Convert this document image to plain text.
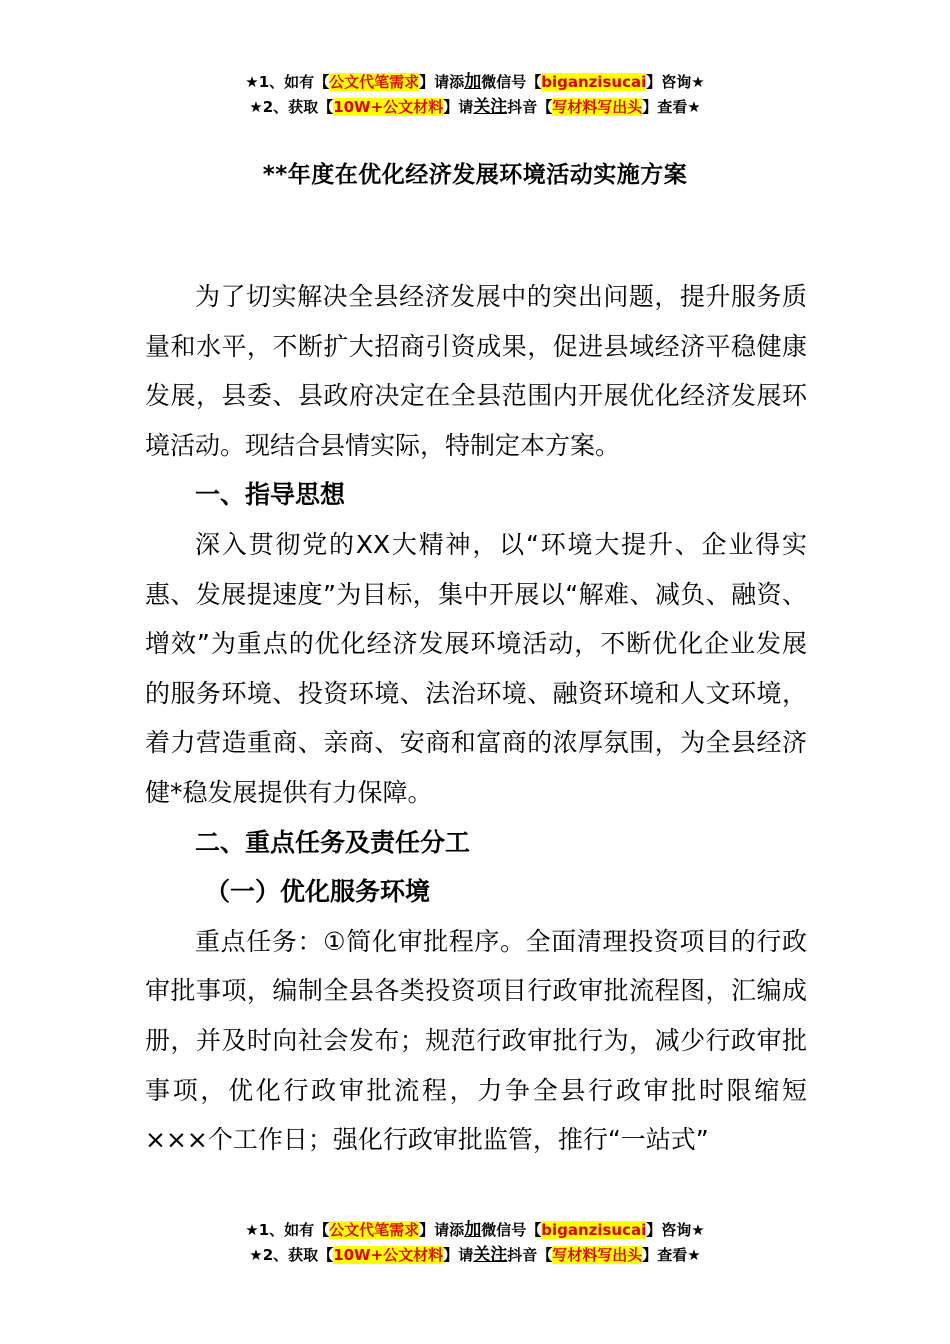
★1、如有【公文代笔需求】请添加微信号【biganzisucai】咨询★
★2、获取【10W+公文材料】请关注抖音【写材料写出头】查看★
**年度在优化经济发展环境活动实施方案

为了切实解决全县经济发展中的突出问题，提升服务质量和水平，不断扩大招商引资成果，促进县域经济平稳健康发展，县委、县政府决定在全县范围内开展优化经济发展环境活动。现结合县情实际，特制定本方案。

一、指导思想

深入贯彻党的XX大精神，以“环境大提升、企业得实惠、发展提速度”为目标，集中开展以“解难、减负、融资、增效”为重点的优化经济发展环境活动，不断优化企业发展的服务环境、投资环境、法治环境、融资环境和人文环境，着力营造重商、亲商、安商和富商的浓厚氛围，为全县经济健*稳发展提供有力保障。

二、重点任务及责任分工

（一）优化服务环境

重点任务：①简化审批程序。全面清理投资项目的行政审批事项，编制全县各类投资项目行政审批流程图，汇编成册，并及时向社会发布；规范行政审批行为，减少行政审批事项，优化行政审批流程，力争全县行政审批时限缩短×××个工作日；强化行政审批监管，推行“一站式”

★1、如有【公文代笔需求】请添加微信号【biganzisucai】咨询★
★2、获取【10W+公文材料】请关注抖音【写材料写出头】查看★
